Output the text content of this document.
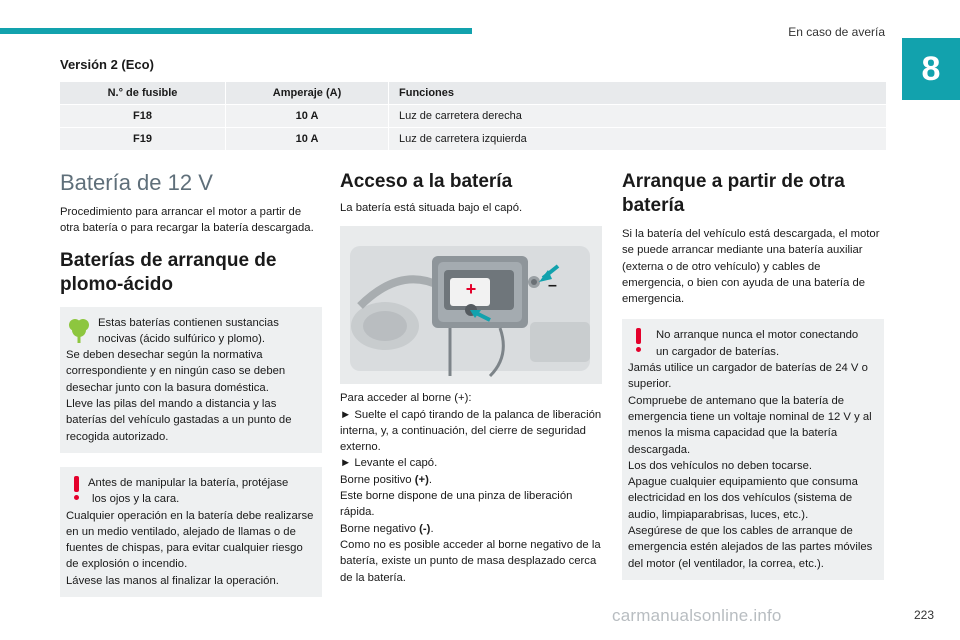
En caso de avería
8
Versión 2 (Eco)
N.° de fusible	Amperaje (A)	Funciones
F18	10 A	Luz de carretera derecha
F19	10 A	Luz de carretera izquierda
Batería de 12 V

Procedimiento para arrancar el motor a partir de otra batería o para recargar la batería descargada.

Baterías de arranque de plomo-ácido

Estas baterías contienen sustancias

nocivas (ácido sulfúrico y plomo).

Se deben desechar según la normativa correspondiente y en ningún caso se deben desechar junto con la basura doméstica.

Lleve las pilas del mando a distancia y las baterías del vehículo gastadas a un punto de recogida autorizado.

Antes de manipular la batería, protéjase

los ojos y la cara.

Cualquier operación en la batería debe realizarse en un medio ventilado, alejado de llamas o de fuentes de chispas, para evitar cualquier riesgo de explosión o incendio.

Lávese las manos al finalizar la operación.

Acceso a la batería

La batería está situada bajo el capó.

+	–

Para acceder al borne (+):

► Suelte el capó tirando de la palanca de liberación interna, y, a continuación, del cierre de seguridad externo.

► Levante el capó.

Borne positivo (+).

Este borne dispone de una pinza de liberación rápida.

Borne negativo (-).

Como no es posible acceder al borne negativo de la batería, existe un punto de masa desplazado cerca de la batería.

Arranque a partir de otra batería

Si la batería del vehículo está descargada, el motor se puede arrancar mediante una batería auxiliar (externa o de otro vehículo) y cables de emergencia, o bien con ayuda de una batería de emergencia.

No arranque nunca el motor conectando

un cargador de baterías.

Jamás utilice un cargador de baterías de 24 V o superior.

Compruebe de antemano que la batería de emergencia tiene un voltaje nominal de 12 V y al menos la misma capacidad que la batería descargada.

Los dos vehículos no deben tocarse.

Apague cualquier equipamiento que consuma electricidad en los dos vehículos (sistema de audio, limpiaparabrisas, luces, etc.).

Asegúrese de que los cables de arranque de emergencia estén alejados de las partes móviles del motor (el ventilador, la correa, etc.).

carmanualsonline.info	223
